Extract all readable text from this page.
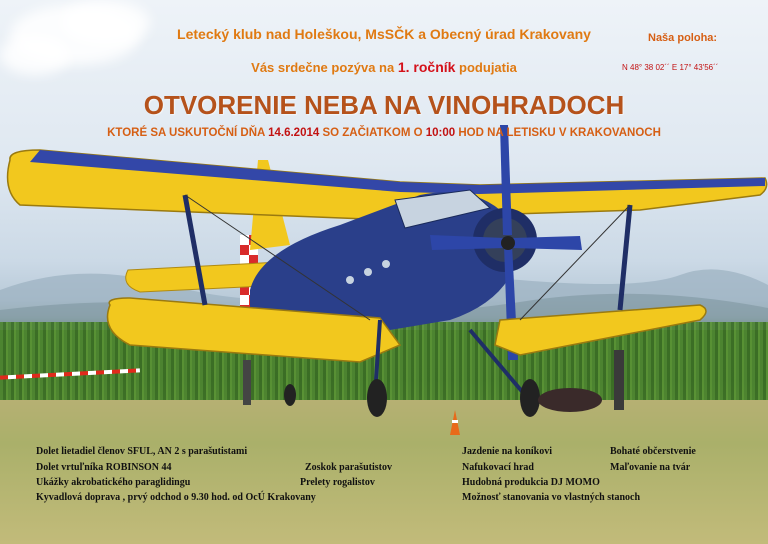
Letecký klub nad Holeškou, MsSČK a Obecný úrad Krakovany
Vás srdečne pozýva na 1. ročník podujatia
OTVORENIE NEBA NA VINOHRADOCH
KTORÉ SA USKUTOČNÍ DŇA 14.6.2014 SO ZAČIATKOM O 10:00 HOD NA LETISKU V KRAKOVANOCH
Naša poloha:
N 48° 38 02´´ E 17° 43'56´´
Dolet lietadiel členov SFUL, AN 2 s parašutistami
Dolet vrtuľníka ROBINSON 44
Ukážky akrobatického paraglidingu
Kyvadlová doprava , prvý odchod o 9.30 hod. od OcÚ Krakovany
Zoskok parašutistov
Prelety rogalistov
Jazdenie na koníkovi
Nafukovací hrad
Hudobná produkcia DJ MOMO
Možnosť stanovania vo vlastných stanoch
Bohaté občerstvenie
Maľovanie na tvár
